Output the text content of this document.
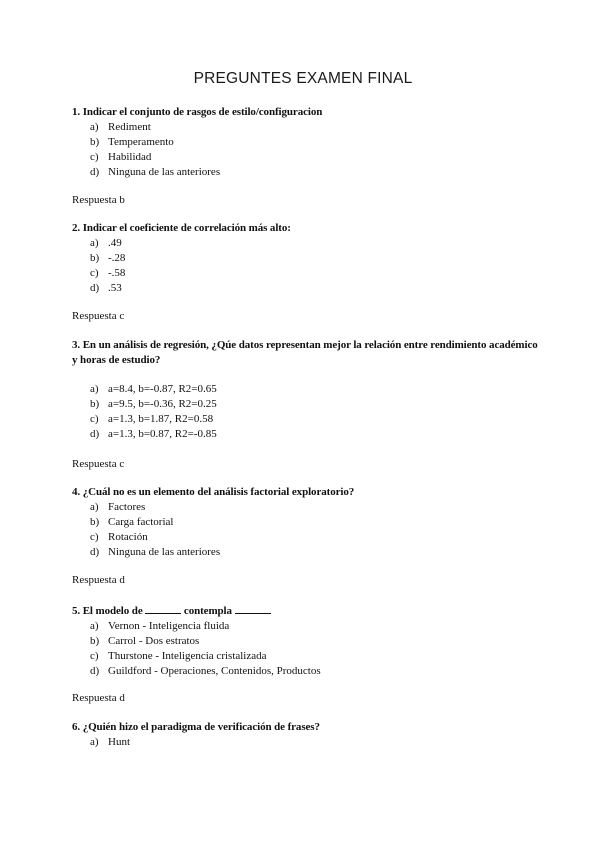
PREGUNTES EXAMEN FINAL
1. Indicar el conjunto de rasgos de estilo/configuracion
a) Rediment
b) Temperamento
c) Habilidad
d) Ninguna de las anteriores
Respuesta b
2. Indicar el coeficiente de correlación más alto:
a) .49
b) -.28
c) -.58
d) .53
Respuesta c
3. En un análisis de regresión, ¿Qúe datos representan mejor la relación entre rendimiento académico y horas de estudio?
a) a=8.4, b=-0.87, R2=0.65
b) a=9.5, b=-0.36, R2=0.25
c) a=1.3, b=1.87, R2=0.58
d) a=1.3, b=0.87, R2=-0.85
Respuesta c
4. ¿Cuál no es un elemento del análisis factorial exploratorio?
a) Factores
b) Carga factorial
c) Rotación
d) Ninguna de las anteriores
Respuesta d
5. El modelo de	contempla
a) Vernon - Inteligencia fluida
b) Carrol - Dos estratos
c) Thurstone - Inteligencia cristalizada
d) Guildford - Operaciones, Contenidos, Productos
Respuesta d
6. ¿Quién hizo el paradigma de verificación de frases?
a) Hunt
